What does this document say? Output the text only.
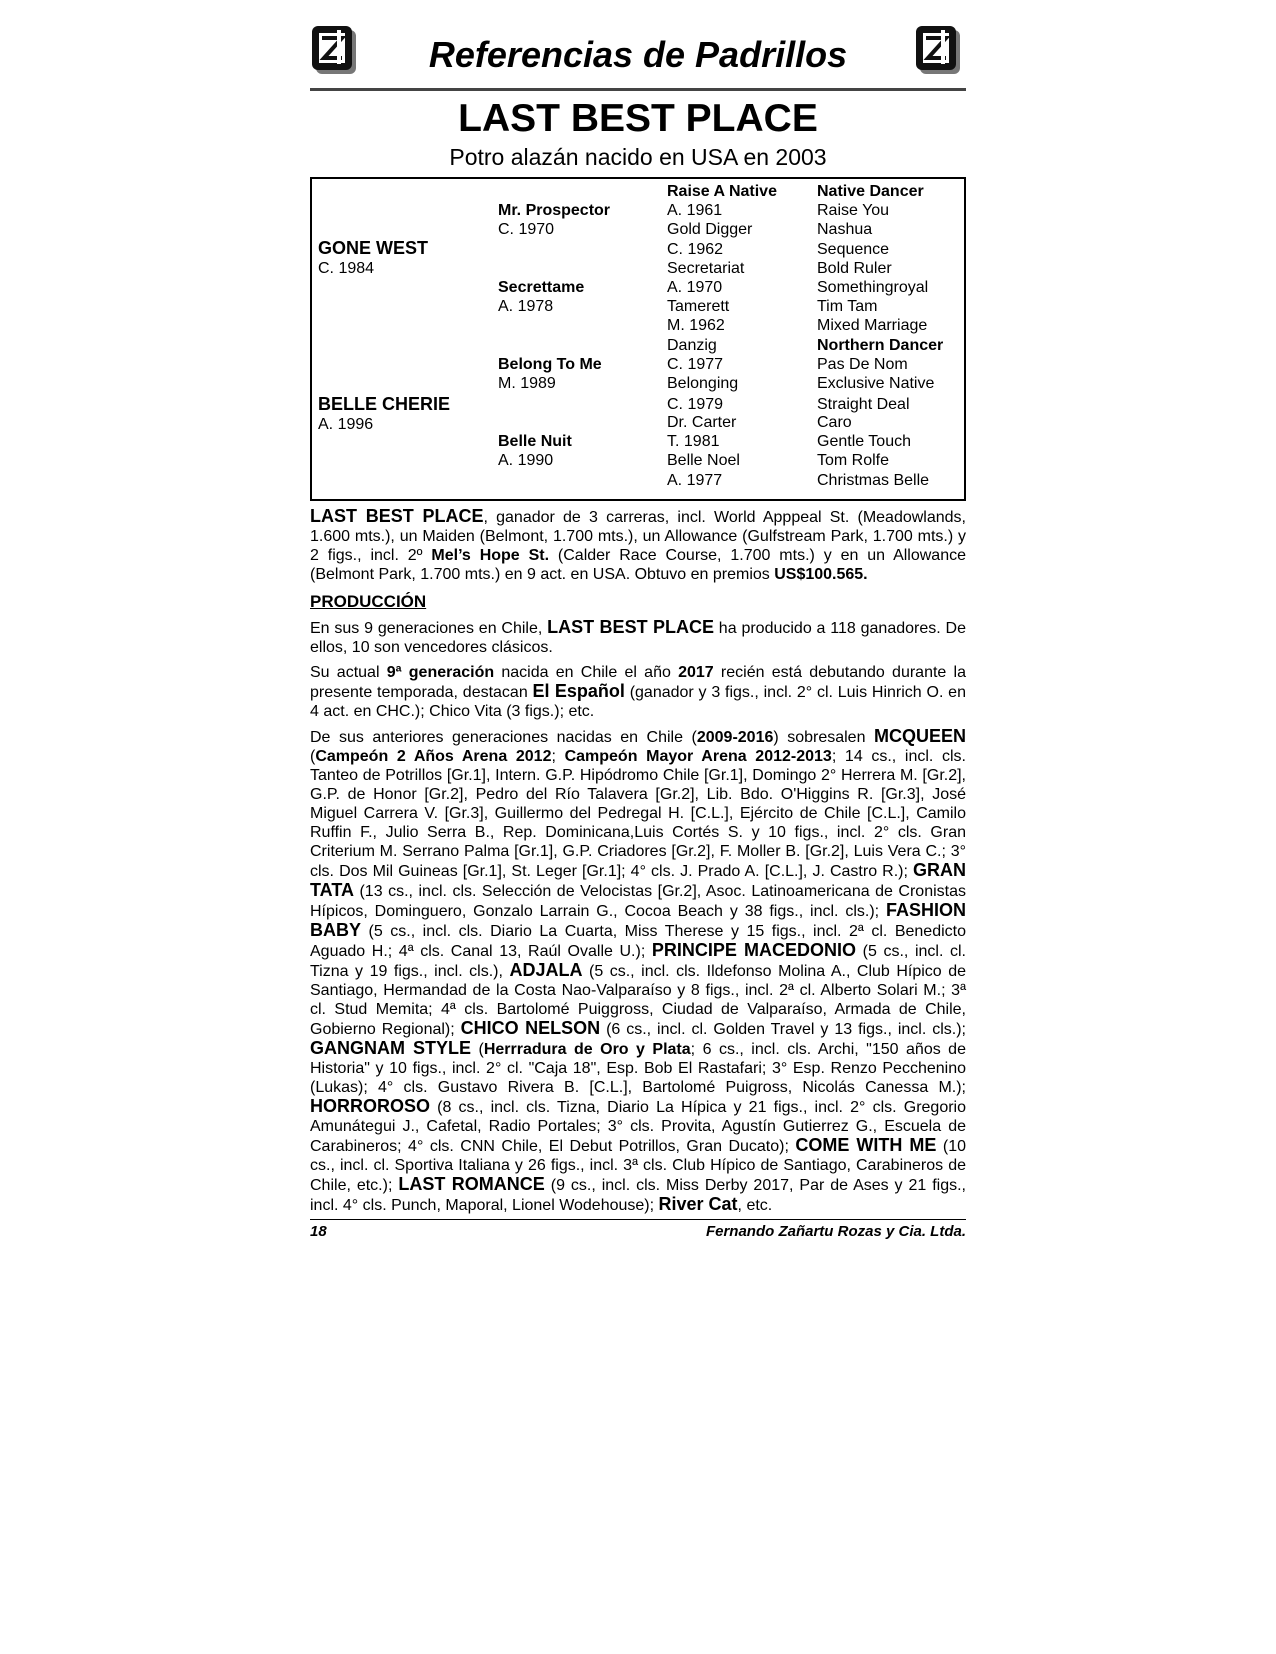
Referencias de Padrillos
LAST BEST PLACE
Potro alazán nacido en USA en 2003
GONE WEST
C. 1984
BELLE CHERIE
A. 1996
Mr. Prospector
C. 1970
Secrettame
A. 1978
Belong To Me
M. 1989
Belle Nuit
A. 1990
Raise A Native
A. 1961
Gold Digger
C. 1962
Secretariat
A. 1970
Tamerett
M. 1962
Danzig
C. 1977
Belonging
C. 1979
Dr. Carter
T. 1981
Belle Noel
A. 1977
Native Dancer
Raise You
Nashua
Sequence
Bold Ruler
Somethingroyal
Tim Tam
Mixed Marriage
Northern Dancer
Pas De Nom
Exclusive Native
Straight Deal
Caro
Gentle Touch
Tom Rolfe
Christmas Belle
LAST BEST PLACE, ganador de 3 carreras, incl. World Apppeal St. (Meadowlands, 1.600 mts.), un Maiden (Belmont, 1.700 mts.), un Allowance (Gulfstream Park, 1.700 mts.) y 2 figs., incl. 2º Mel’s Hope St. (Calder Race Course, 1.700 mts.) y en un Allowance (Belmont Park, 1.700 mts.) en 9 act. en USA. Obtuvo en premios US$100.565.
PRODUCCIÓN
En sus 9 generaciones en Chile, LAST BEST PLACE ha producido a 118 ganadores. De ellos, 10 son vencedores clásicos.
Su actual 9ª generación nacida en Chile el año 2017 recién está debutando durante la presente temporada, destacan El Español (ganador y 3 figs., incl. 2° cl. Luis Hinrich O. en 4 act. en CHC.); Chico Vita (3 figs.); etc.
De sus anteriores generaciones nacidas en Chile (2009-2016) sobresalen MCQUEEN (Campeón 2 Años Arena 2012; Campeón Mayor Arena 2012-2013; 14 cs., incl. cls. Tanteo de Potrillos [Gr.1], Intern. G.P. Hipódromo Chile [Gr.1], Domingo 2° Herrera M. [Gr.2], G.P. de Honor [Gr.2], Pedro del Río Talavera [Gr.2], Lib. Bdo. O'Higgins R. [Gr.3], José Miguel Carrera V. [Gr.3], Guillermo del Pedregal H. [C.L.], Ejército de Chile [C.L.], Camilo Ruffin F., Julio Serra B., Rep. Dominicana,Luis Cortés S. y 10 figs., incl. 2° cls. Gran Criterium M. Serrano Palma [Gr.1], G.P. Criadores [Gr.2], F. Moller B. [Gr.2], Luis Vera C.; 3° cls. Dos Mil Guineas [Gr.1], St. Leger [Gr.1]; 4° cls. J. Prado A. [C.L.], J. Castro R.); GRAN TATA (13 cs., incl. cls. Selección de Velocistas [Gr.2], Asoc. Latinoamericana de Cronistas Hípicos, Dominguero, Gonzalo Larrain G., Cocoa Beach y 38 figs., incl. cls.); FASHION BABY (5 cs., incl. cls. Diario La Cuarta, Miss Therese y 15 figs., incl. 2ª cl. Benedicto Aguado H.; 4ª cls. Canal 13, Raúl Ovalle U.); PRINCIPE MACEDONIO (5 cs., incl. cl. Tizna y 19 figs., incl. cls.), ADJALA (5 cs., incl. cls. Ildefonso Molina A., Club Hípico de Santiago, Hermandad de la Costa Nao-Valparaíso y 8 figs., incl. 2ª cl. Alberto Solari M.; 3ª cl. Stud Memita; 4ª cls. Bartolomé Puiggross, Ciudad de Valparaíso, Armada de Chile, Gobierno Regional); CHICO NELSON (6 cs., incl. cl. Golden Travel y 13 figs., incl. cls.); GANGNAM STYLE (Herrradura de Oro y Plata; 6 cs., incl. cls. Archi, "150 años de Historia" y 10 figs., incl. 2° cl. "Caja 18", Esp. Bob El Rastafari; 3° Esp. Renzo Pecchenino (Lukas); 4° cls. Gustavo Rivera B. [C.L.], Bartolomé Puigross, Nicolás Canessa M.); HORROROSO (8 cs., incl. cls. Tizna, Diario La Hípica y 21 figs., incl. 2° cls. Gregorio Amunátegui J., Cafetal, Radio Portales; 3° cls. Provita, Agustín Gutierrez G., Escuela de Carabineros; 4° cls. CNN Chile, El Debut Potrillos, Gran Ducato); COME WITH ME (10 cs., incl. cl. Sportiva Italiana y 26 figs., incl. 3ª cls. Club Hípico de Santiago, Carabineros de Chile, etc.); LAST ROMANCE (9 cs., incl. cls. Miss Derby 2017, Par de Ases y 21 figs., incl. 4° cls. Punch, Maporal, Lionel Wodehouse); River Cat, etc.
18	Fernando Zañartu Rozas y Cia. Ltda.
